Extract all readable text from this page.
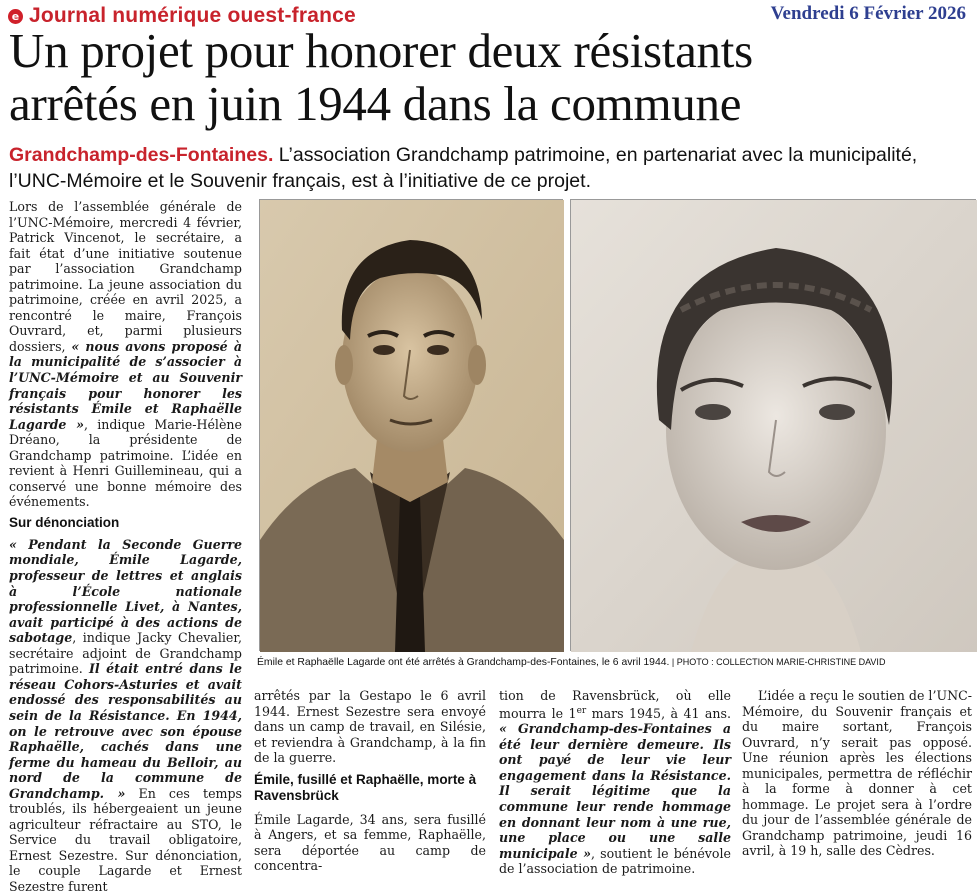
e Journal numérique ouest-france	Vendredi 6 Février 2026
Un projet pour honorer deux résistants
arrêtés en juin 1944 dans la commune
Grandchamp-des-Fontaines. L’association Grandchamp patrimoine, en partenariat avec la municipalité, l’UNC-Mémoire et le Souvenir français, est à l’initiative de ce projet.

Lors de l’assemblée générale de l’UNC-Mémoire, mercredi 4 février, Patrick Vincenot, le secrétaire, a fait état d’une initiative soutenue par l’association Grandchamp patrimoine. La jeune association du patrimoine, créée en avril 2025, a rencontré le maire, François Ouvrard, et, parmi plusieurs dossiers, « nous avons proposé à la municipalité de s’associer à l’UNC-Mémoire et au Souvenir français pour honorer les résistants Émile et Raphaëlle Lagarde », indique Marie-Hélène Dréano, la présidente de Grandchamp patrimoine. L’idée en revient à Henri Guillemineau, qui a conservé une bonne mémoire des événements.

Sur dénonciation

« Pendant la Seconde Guerre mondiale, Émile Lagarde, professeur de lettres et anglais à l’École nationale professionnelle Livet, à Nantes, avait participé à des actions de sabotage, indique Jacky Chevalier, secrétaire adjoint de Grandchamp patrimoine. Il était entré dans le réseau Cohors-Asturies et avait endossé des responsabilités au sein de la Résistance. En 1944, on le retrouve avec son épouse Raphaëlle, cachés dans une ferme du hameau du Belloir, au nord de la commune de Grandchamp. » En ces temps troublés, ils hébergeaient un jeune agriculteur réfractaire au STO, le Service du travail obligatoire, Ernest Sezestre. Sur dénonciation, le couple Lagarde et Ernest Sezestre furent

Émile et Raphaëlle Lagarde ont été arrêtés à Grandchamp-des-Fontaines, le 6 avril 1944. | PHOTO : COLLECTION MARIE-CHRISTINE DAVID

arrêtés par la Gestapo le 6 avril 1944. Ernest Sezestre sera envoyé dans un camp de travail, en Silésie, et reviendra à Grandchamp, à la fin de la guerre.

Émile, fusillé et Raphaëlle, morte à Ravensbrück

Émile Lagarde, 34 ans, sera fusillé à Angers, et sa femme, Raphaëlle, sera déportée au camp de concentra-

tion de Ravensbrück, où elle mourra le 1er mars 1945, à 41 ans. « Grandchamp-des-Fontaines a été leur dernière demeure. Ils ont payé de leur vie leur engagement dans la Résistance. Il serait légitime que la commune leur rende hommage en donnant leur nom à une rue, une place ou une salle municipale », soutient le bénévole de l’association de patrimoine.

L’idée a reçu le soutien de l’UNC-Mémoire, du Souvenir français et du maire sortant, François Ouvrard, n’y serait pas opposé. Une réunion après les élections municipales, permettra de réfléchir à la forme à donner à cet hommage. Le projet sera à l’ordre du jour de l’assemblée générale de Grandchamp patrimoine, jeudi 16 avril, à 19 h, salle des Cèdres.
